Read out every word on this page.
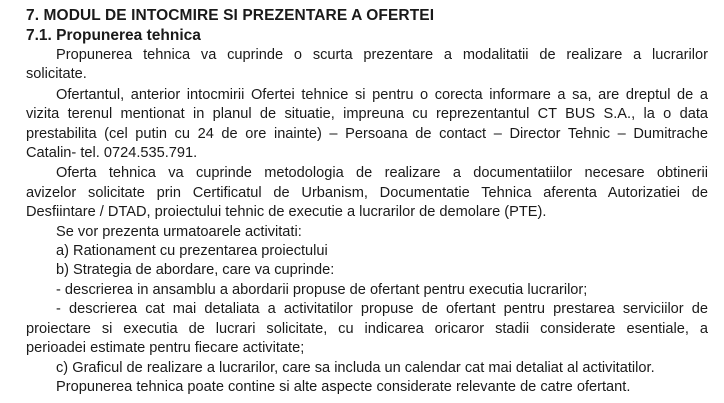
7. MODUL DE INTOCMIRE SI PREZENTARE A OFERTEI

7.1. Propunerea tehnica

Propunerea tehnica va cuprinde o scurta prezentare a modalitatii de realizare a lucrarilor

solicitate.

Ofertantul, anterior intocmirii Ofertei tehnice si pentru o corecta informare a sa, are dreptul de a

vizita terenul mentionat in planul de situatie, impreuna cu reprezentantul CT BUS S.A., la o data

prestabilita (cel putin cu 24 de ore inainte) – Persoana de contact – Director Tehnic – Dumitrache

Catalin- tel. 0724.535.791.

Oferta tehnica va cuprinde metodologia de realizare a documentatiilor necesare obtinerii

avizelor solicitate prin Certificatul de Urbanism, Documentatie Tehnica aferenta Autorizatiei de

Desfiintare / DTAD, proiectului tehnic de executie a lucrarilor de demolare (PTE).

Se vor prezenta urmatoarele activitati:

a) Rationament cu prezentarea proiectului

b) Strategia de abordare, care va cuprinde:

- descrierea in ansamblu a abordarii propuse de ofertant pentru executia lucrarilor;

- descrierea cat mai detaliata a activitatilor propuse de ofertant pentru prestarea serviciilor de

proiectare si executia de lucrari solicitate, cu indicarea oricaror stadii considerate esentiale, a

perioadei estimate pentru fiecare activitate;

c) Graficul de realizare a lucrarilor, care sa includa un calendar cat mai detaliat al activitatilor.

Propunerea tehnica poate contine si alte aspecte considerate relevante de catre ofertant.
